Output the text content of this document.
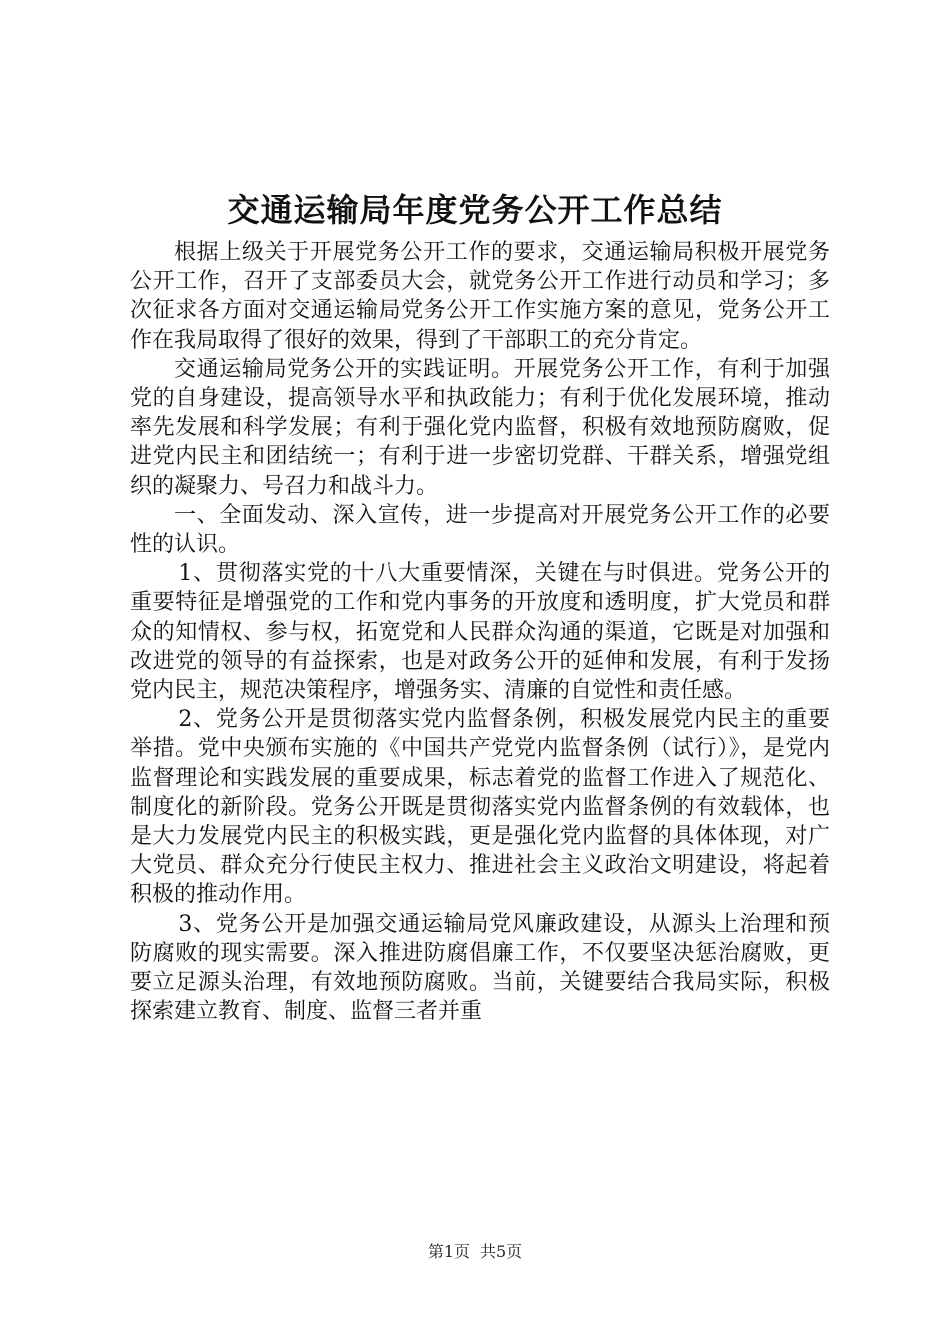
交通运输局年度党务公开工作总结

根据上级关于开展党务公开工作的要求，交通运输局积极开展党务公开工作，召开了支部委员大会，就党务公开工作进行动员和学习；多次征求各方面对交通运输局党务公开工作实施方案的意见，党务公开工作在我局取得了很好的效果，得到了干部职工的充分肯定。

交通运输局党务公开的实践证明。开展党务公开工作，有利于加强党的自身建设，提高领导水平和执政能力；有利于优化发展环境，推动率先发展和科学发展；有利于强化党内监督，积极有效地预防腐败，促进党内民主和团结统一；有利于进一步密切党群、干群关系，增强党组织的凝聚力、号召力和战斗力。

一、全面发动、深入宣传，进一步提高对开展党务公开工作的必要性的认识。

1、贯彻落实党的十八大重要情深，关键在与时俱进。党务公开的重要特征是增强党的工作和党内事务的开放度和透明度，扩大党员和群众的知情权、参与权，拓宽党和人民群众沟通的渠道，它既是对加强和改进党的领导的有益探索，也是对政务公开的延伸和发展，有利于发扬党内民主，规范决策程序，增强务实、清廉的自觉性和责任感。

2、党务公开是贯彻落实党内监督条例，积极发展党内民主的重要举措。党中央颁布实施的《中国共产党党内监督条例（试行）》，是党内监督理论和实践发展的重要成果，标志着党的监督工作进入了规范化、制度化的新阶段。党务公开既是贯彻落实党内监督条例的有效载体，也是大力发展党内民主的积极实践，更是强化党内监督的具体体现，对广大党员、群众充分行使民主权力、推进社会主义政治文明建设，将起着积极的推动作用。

3、党务公开是加强交通运输局党风廉政建设，从源头上治理和预防腐败的现实需要。深入推进防腐倡廉工作，不仅要坚决惩治腐败，更要立足源头治理，有效地预防腐败。当前，关键要结合我局实际，积极探索建立教育、制度、监督三者并重

第1页 共5页
